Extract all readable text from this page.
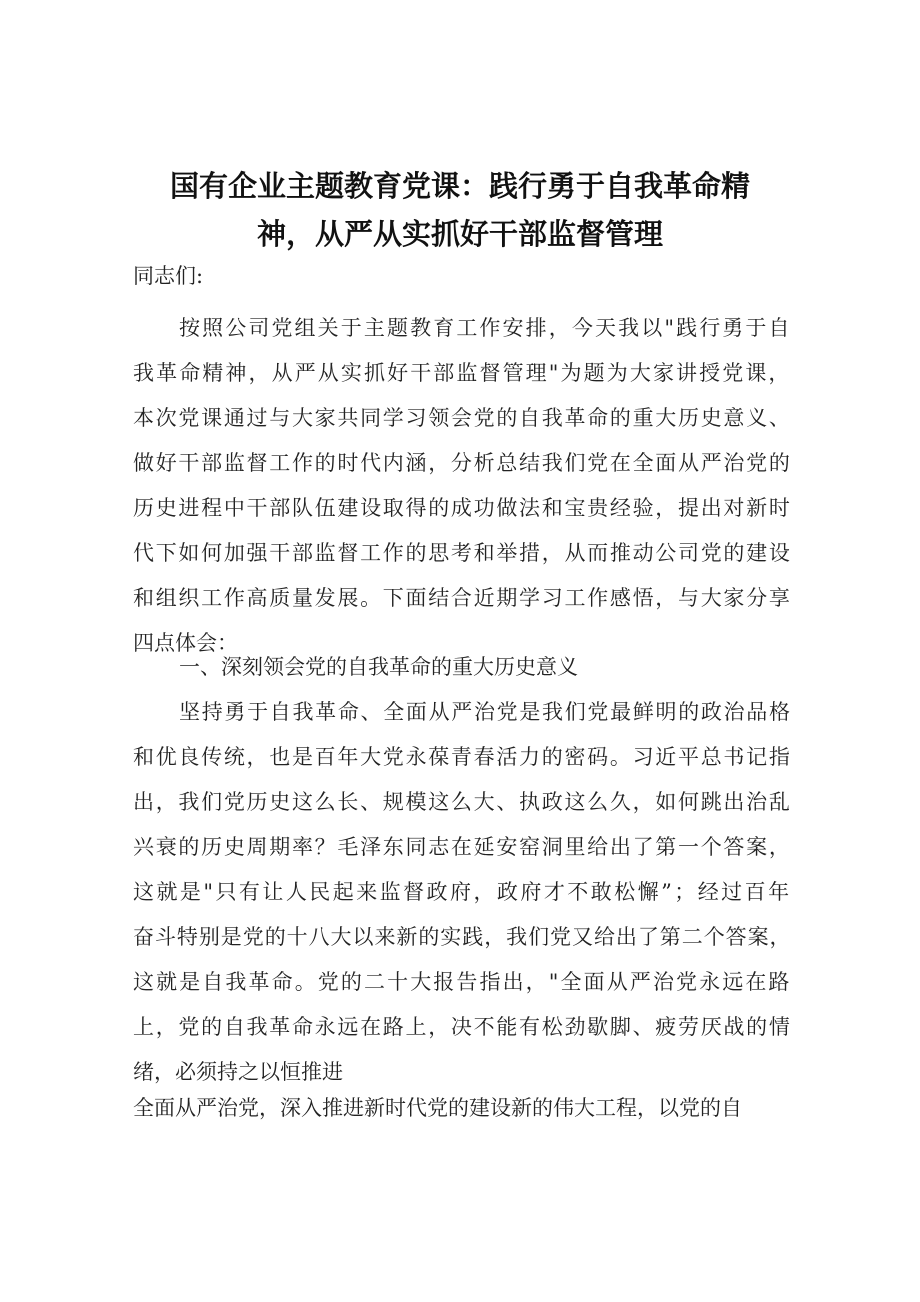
国有企业主题教育党课：践行勇于自我革命精
神，从严从实抓好干部监督管理

同志们:

按照公司党组关于主题教育工作安排，今天我以"践行勇于自
我革命精神，从严从实抓好干部监督管理"为题为大家讲授党课，
本次党课通过与大家共同学习领会党的自我革命的重大历史意义、
做好干部监督工作的时代内涵，分析总结我们党在全面从严治党的
历史进程中干部队伍建设取得的成功做法和宝贵经验，提出对新时
代下如何加强干部监督工作的思考和举措，从而推动公司党的建设
和组织工作高质量发展。下面结合近期学习工作感悟，与大家分享
四点体会：
一、深刻领会党的自我革命的重大历史意义
坚持勇于自我革命、全面从严治党是我们党最鲜明的政治品格
和优良传统，也是百年大党永葆青春活力的密码。习近平总书记指
出，我们党历史这么长、规模这么大、执政这么久，如何跳出治乱
兴衰的历史周期率？毛泽东同志在延安窑洞里给出了第一个答案，
这就是"只有让人民起来监督政府，政府才不敢松懈”；经过百年
奋斗特别是党的十八大以来新的实践，我们党又给出了第二个答案，
这就是自我革命。党的二十大报告指出，"全面从严治党永远在路
上，党的自我革命永远在路上，决不能有松劲歇脚、疲劳厌战的情
绪，必须持之以恒推进
全面从严治党，深入推进新时代党的建设新的伟大工程，以党的自
